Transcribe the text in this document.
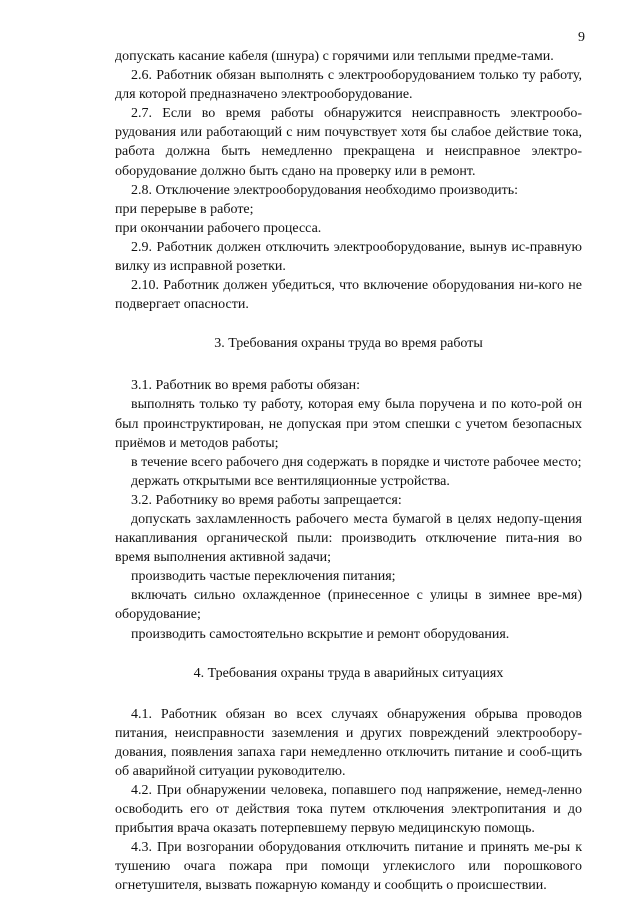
9

допускать касание кабеля (шнура) с горячими или теплыми предме-тами.

2.6. Работник обязан выполнять с электрооборудованием только ту работу, для которой предназначено электрооборудование.

2.7. Если во время работы обнаружится неисправность электрообо-рудования или работающий с ним почувствует хотя бы слабое действие тока, работа должна быть немедленно прекращена и неисправное электро-оборудование должно быть сдано на проверку или в ремонт.

2.8. Отключение электрооборудования необходимо производить:

при перерыве в работе;

при окончании рабочего процесса.

2.9. Работник должен отключить электрооборудование, вынув ис-правную вилку из исправной розетки.

2.10. Работник должен убедиться, что включение оборудования ни-кого не подвергает опасности.

3. Требования охраны труда во время работы

3.1. Работник во время работы обязан:

выполнять только ту работу, которая ему была поручена и по кото-рой он был проинструктирован, не допуская при этом спешки с учетом безопасных приёмов и методов работы;

в течение всего рабочего дня содержать в порядке и чистоте рабочее место;

держать открытыми все вентиляционные устройства.

3.2. Работнику во время работы запрещается:

допускать захламленность рабочего места бумагой в целях недопу-щения накапливания органической пыли: производить отключение пита-ния во время выполнения активной задачи;

производить частые переключения питания;

включать сильно охлажденное (принесенное с улицы в зимнее вре-мя) оборудование;

производить самостоятельно вскрытие и ремонт оборудования.

4. Требования охраны труда в аварийных ситуациях

4.1. Работник обязан во всех случаях обнаружения обрыва проводов питания, неисправности заземления и других повреждений электрообору-дования, появления запаха гари немедленно отключить питание и сооб-щить об аварийной ситуации руководителю.

4.2. При обнаружении человека, попавшего под напряжение, немед-ленно освободить его от действия тока путем отключения электропитания и до прибытия врача оказать потерпевшему первую медицинскую помощь.

4.3. При возгорании оборудования отключить питание и принять ме-ры к тушению очага пожара при помощи углекислого или порошкового огнетушителя, вызвать пожарную команду и сообщить о происшествии.
